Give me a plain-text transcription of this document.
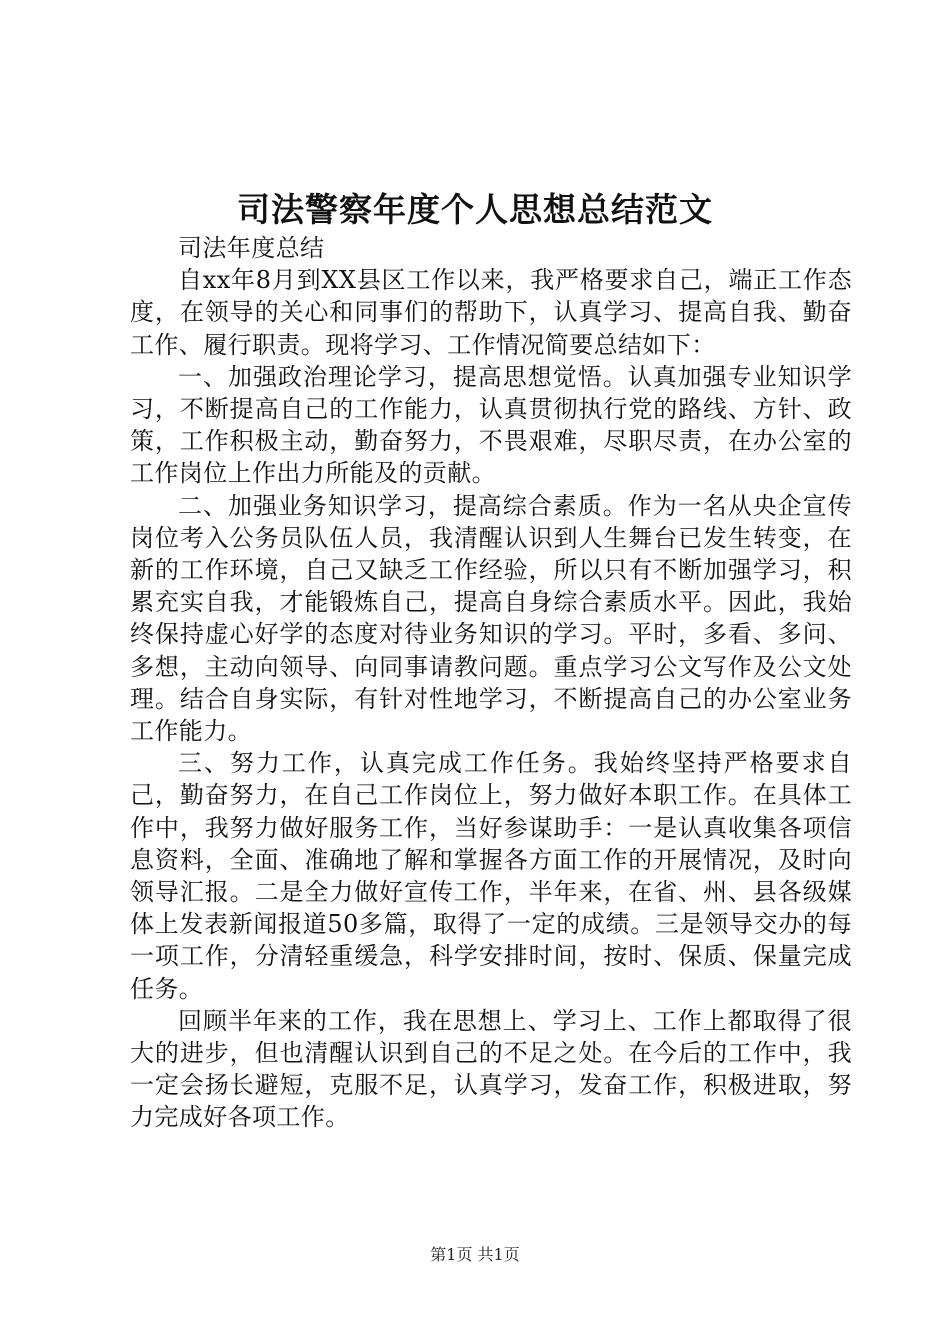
司法警察年度个人思想总结范文

司法年度总结

自xx年8月到XX县区工作以来，我严格要求自己，端正工作态度，在领导的关心和同事们的帮助下，认真学习、提高自我、勤奋工作、履行职责。现将学习、工作情况简要总结如下：

一、加强政治理论学习，提高思想觉悟。认真加强专业知识学习，不断提高自己的工作能力，认真贯彻执行党的路线、方针、政策，工作积极主动，勤奋努力，不畏艰难，尽职尽责，在办公室的工作岗位上作出力所能及的贡献。

二、加强业务知识学习，提高综合素质。作为一名从央企宣传岗位考入公务员队伍人员，我清醒认识到人生舞台已发生转变，在新的工作环境，自己又缺乏工作经验，所以只有不断加强学习，积累充实自我，才能锻炼自己，提高自身综合素质水平。因此，我始终保持虚心好学的态度对待业务知识的学习。平时，多看、多问、多想，主动向领导、向同事请教问题。重点学习公文写作及公文处理。结合自身实际，有针对性地学习，不断提高自己的办公室业务工作能力。

三、努力工作，认真完成工作任务。我始终坚持严格要求自己，勤奋努力，在自己工作岗位上，努力做好本职工作。在具体工作中，我努力做好服务工作，当好参谋助手：一是认真收集各项信息资料，全面、准确地了解和掌握各方面工作的开展情况，及时向领导汇报。二是全力做好宣传工作，半年来，在省、州、县各级媒体上发表新闻报道50多篇，取得了一定的成绩。三是领导交办的每一项工作，分清轻重缓急，科学安排时间，按时、保质、保量完成任务。

回顾半年来的工作，我在思想上、学习上、工作上都取得了很大的进步，但也清醒认识到自己的不足之处。在今后的工作中，我一定会扬长避短，克服不足，认真学习，发奋工作，积极进取，努力完成好各项工作。

第1页 共1页
